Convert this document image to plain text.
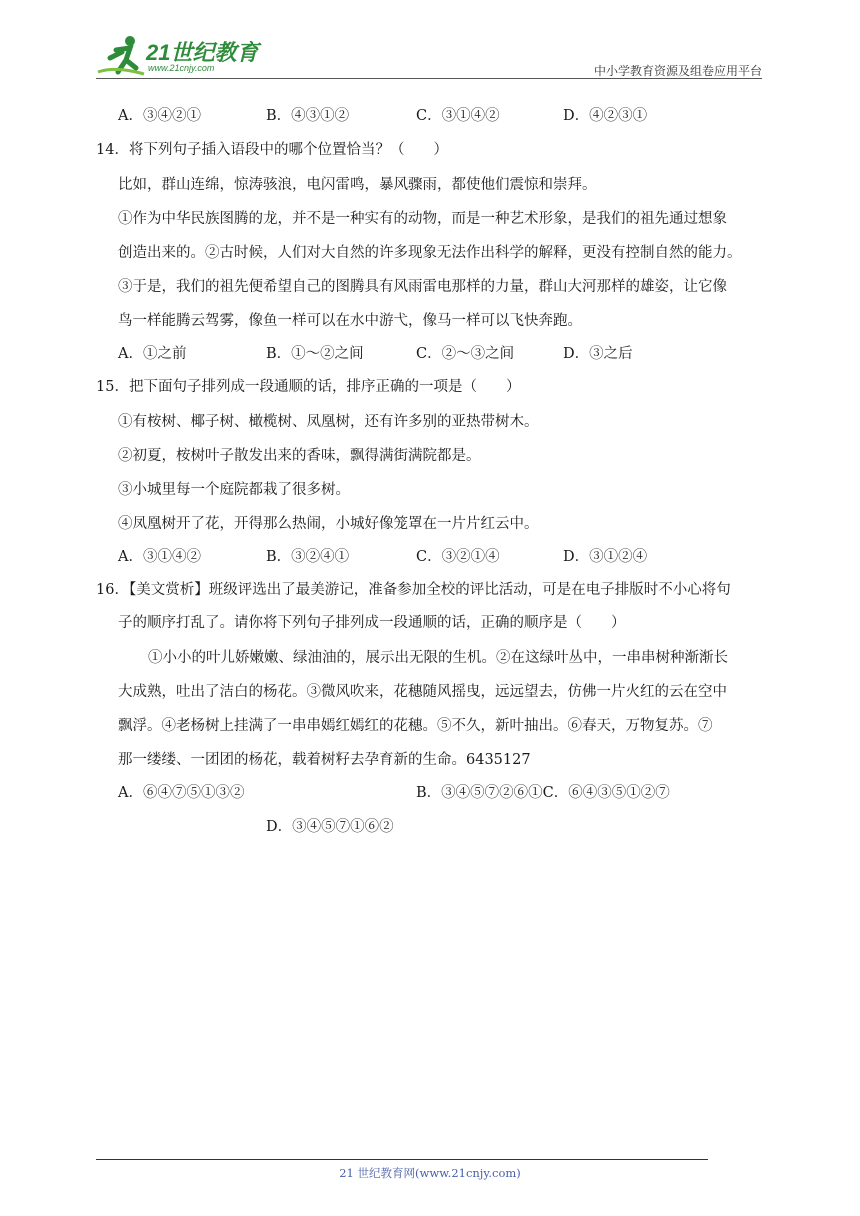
21世纪教育
www.21cnjy.com	中小学教育资源及组卷应用平台
A．③④②①	B．④③①②	C．③①④②	D．④②③①
14．将下列句子插入语段中的哪个位置恰当？（　　）
比如，群山连绵，惊涛骇浪，电闪雷鸣，暴风骤雨，都使他们震惊和崇拜。
①作为中华民族图腾的龙，并不是一种实有的动物，而是一种艺术形象，是我们的祖先通过想象
创造出来的。②古时候，人们对大自然的许多现象无法作出科学的解释，更没有控制自然的能力。
③于是，我们的祖先便希望自己的图腾具有风雨雷电那样的力量，群山大河那样的雄姿，让它像
鸟一样能腾云驾雾，像鱼一样可以在水中游弋，像马一样可以飞快奔跑。
A．①之前	B．①～②之间	C．②～③之间	D．③之后
15．把下面句子排列成一段通顺的话，排序正确的一项是（　　）
①有桉树、椰子树、橄榄树、凤凰树，还有许多别的亚热带树木。
②初夏，桉树叶子散发出来的香味，飘得满街满院都是。
③小城里每一个庭院都栽了很多树。
④凤凰树开了花，开得那么热闹，小城好像笼罩在一片片红云中。
A．③①④②	B．③②④①	C．③②①④	D．③①②④
16．【美文赏析】班级评选出了最美游记，准备参加全校的评比活动，可是在电子排版时不小心将句
子的顺序打乱了。请你将下列句子排列成一段通顺的话，正确的顺序是（　　）
①小小的叶儿娇嫩嫩、绿油油的，展示出无限的生机。②在这绿叶丛中，一串串树种渐渐长
大成熟，吐出了洁白的杨花。③微风吹来，花穗随风摇曳，远远望去，仿佛一片火红的云在空中
飘浮。④老杨树上挂满了一串串嫣红嫣红的花穗。⑤不久，新叶抽出。⑥春天，万物复苏。⑦
那一缕缕、一团团的杨花，载着树籽去孕育新的生命。6435127
A．⑥④⑦⑤①③②	B．③④⑤⑦②⑥①C．⑥④③⑤①②⑦
D．③④⑤⑦①⑥②
21 世纪教育网(www.21cnjy.com)
